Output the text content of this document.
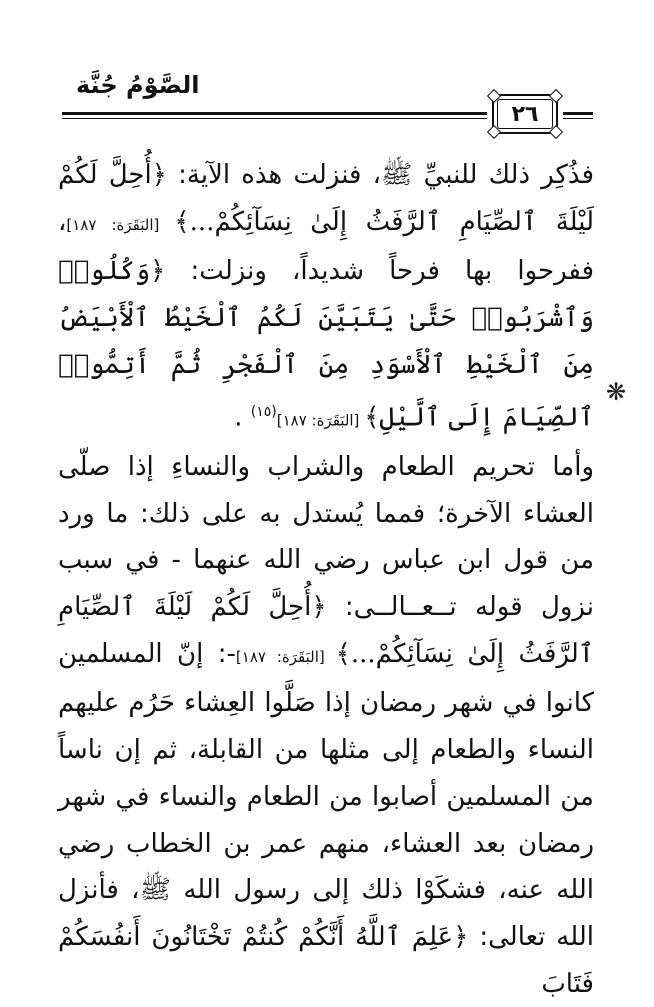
الصَّوْمُ جُنَّة
٢٦

فذُكِر ذلك للنبيِّ ﷺ، فنزلت هذه الآية: ﴿أُحِلَّ لَكُمْ لَيْلَةَ ٱلصِّيَامِ ٱلرَّفَثُ إِلَىٰ نِسَآئِكُمْ...﴾ [البَقَرَة: ١٨٧]، ففرحوا بها فرحاً شديداً، ونزلت: ﴿وَكُلُوا۟ وَٱشْرَبُوا۟ حَتَّىٰ يَتَبَيَّنَ لَكُمُ ٱلْخَيْطُ ٱلْأَبْيَضُ مِنَ ٱلْخَيْطِ ٱلْأَسْوَدِ مِنَ ٱلْفَجْرِ ثُمَّ أَتِمُّوا۟ ٱلصِّيَامَ إِلَى ٱلَّيْلِ﴾ [البَقَرَة: ١٨٧]$^{(١٥)}$ .

وأما تحريم الطعام والشراب والنساءِ إذا صلّى العشاء الآخرة؛ فمما يُستدل به على ذلك: ما ورد من قول ابن عباس رضي الله عنهما - في سبب نزول قوله تــعــالــى: ﴿أُحِلَّ لَكُمْ لَيْلَةَ ٱلصِّيَامِ ٱلرَّفَثُ إِلَىٰ نِسَآئِكُمْ...﴾ [البَقَرَة: ١٨٧]-: إنّ المسلمين كانوا في شهر رمضان إذا صَلَّوا العِشاء حَرُم عليهم النساء والطعام إلى مثلها من القابلة، ثم إن ناساً من المسلمين أصابوا من الطعام والنساء في شهر رمضان بعد العشاء، منهم عمر بن الخطاب رضي الله عنه، فشكَوْا ذلك إلى رسول الله ﷺ، فأنزل الله تعالى: ﴿عَلِمَ ٱللَّهُ أَنَّكُمْ كُنتُمْ تَخْتَانُونَ أَنفُسَكُمْ فَتَابَ

❋
